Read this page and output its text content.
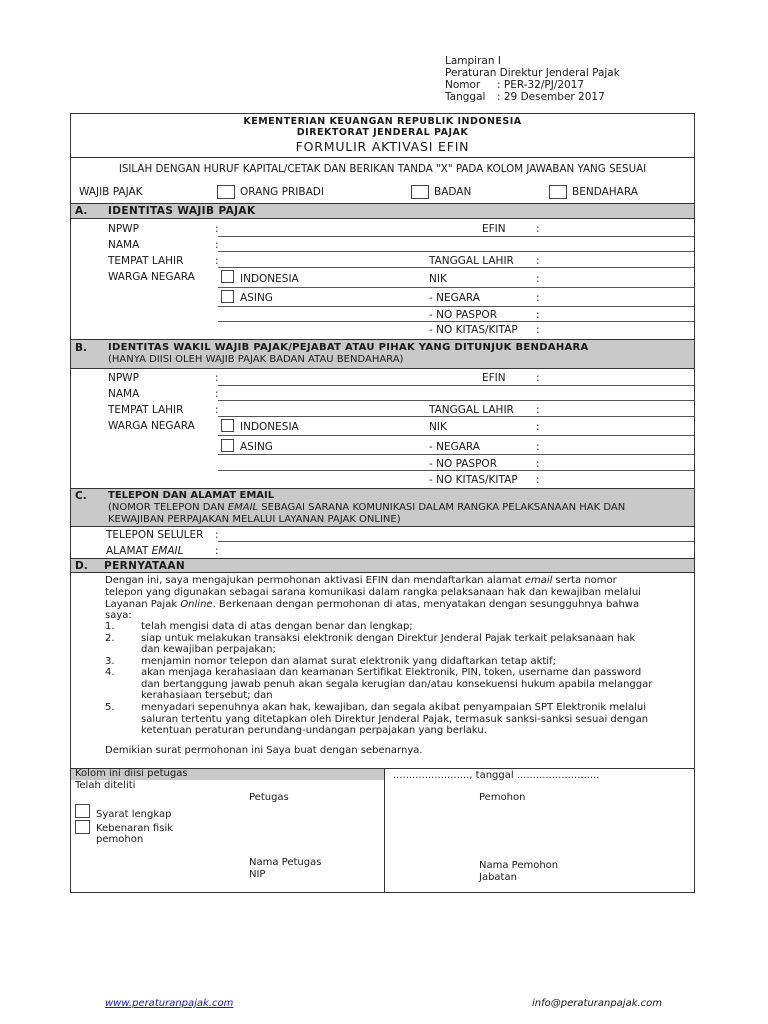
Lampiran I
Peraturan Direktur Jenderal Pajak
Nomor : PER-32/PJ/2017
Tanggal : 29 Desember 2017
KEMENTERIAN KEUANGAN REPUBLIK INDONESIA
DIREKTORAT JENDERAL PAJAK
FORMULIR AKTIVASI EFIN
ISILAH DENGAN HURUF KAPITAL/CETAK DAN BERIKAN TANDA "X" PADA KOLOM JAWABAN YANG SESUAI
WAJIB PAJAK	ORANG PRIBADI	BADAN	BENDAHARA
A. IDENTITAS WAJIB PAJAK
NPWP	:	EFIN	:
NAMA	:
TEMPAT LAHIR	:	TANGGAL LAHIR :
WARGA NEGARA	INDONESIA	NIK	:
ASING	- NEGARA	:
- NO PASPOR	:
- NO KITAS/KITAP :
B. IDENTITAS WAKIL WAJIB PAJAK/PEJABAT ATAU PIHAK YANG DITUNJUK BENDAHARA
(HANYA DIISI OLEH WAJIB PAJAK BADAN ATAU BENDAHARA)
NPWP	:	EFIN	:
NAMA	:
TEMPAT LAHIR	:	TANGGAL LAHIR :
WARGA NEGARA	INDONESIA	NIK	:
ASING	- NEGARA	:
- NO PASPOR	:
- NO KITAS/KITAP :
C. TELEPON DAN ALAMAT EMAIL
(NOMOR TELEPON DAN EMAIL SEBAGAI SARANA KOMUNIKASI DALAM RANGKA PELAKSANAAN HAK DAN
KEWAJIBAN PERPAJAKAN MELALUI LAYANAN PAJAK ONLINE)
TELEPON SELULER :
ALAMAT EMAIL	:
D. PERNYATAAN
Dengan ini, saya mengajukan permohonan aktivasi EFIN dan mendaftarkan alamat email serta nomor
telepon yang digunakan sebagai sarana komunikasi dalam rangka pelaksanaan hak dan kewajiban melalui
Layanan Pajak Online. Berkenaan dengan permohonan di atas, menyatakan dengan sesungguhnya bahwa
saya:
1.	telah mengisi data di atas dengan benar dan lengkap;
2.	siap untuk melakukan transaksi elektronik dengan Direktur Jenderal Pajak terkait pelaksanaan hak
dan kewajiban perpajakan;
3.	menjamin nomor telepon dan alamat surat elektronik yang didaftarkan tetap aktif;
4.	akan menjaga kerahasiaan dan keamanan Sertifikat Elektronik, PIN, token, username dan password
dan bertanggung jawab penuh akan segala kerugian dan/atau konsekuensi hukum apabila melanggar
kerahasiaan tersebut; dan
5.	menyadari sepenuhnya akan hak, kewajiban, dan segala akibat penyampaian SPT Elektronik melalui
saluran tertentu yang ditetapkan oleh Direktur Jenderal Pajak, termasuk sanksi-sanksi sesuai dengan
ketentuan peraturan perundang-undangan perpajakan yang berlaku.
Demikian surat permohonan ini Saya buat dengan sebenarnya.
Kolom ini diisi petugas
Telah diteliti
Petugas
Syarat lengkap
Kebenaran fisik
pemohon
Nama Petugas
NIP
........................, tanggal ..........................
Pemohon
Nama Pemohon
Jabatan
www.peraturanpajak.com	info@peraturanpajak.com
